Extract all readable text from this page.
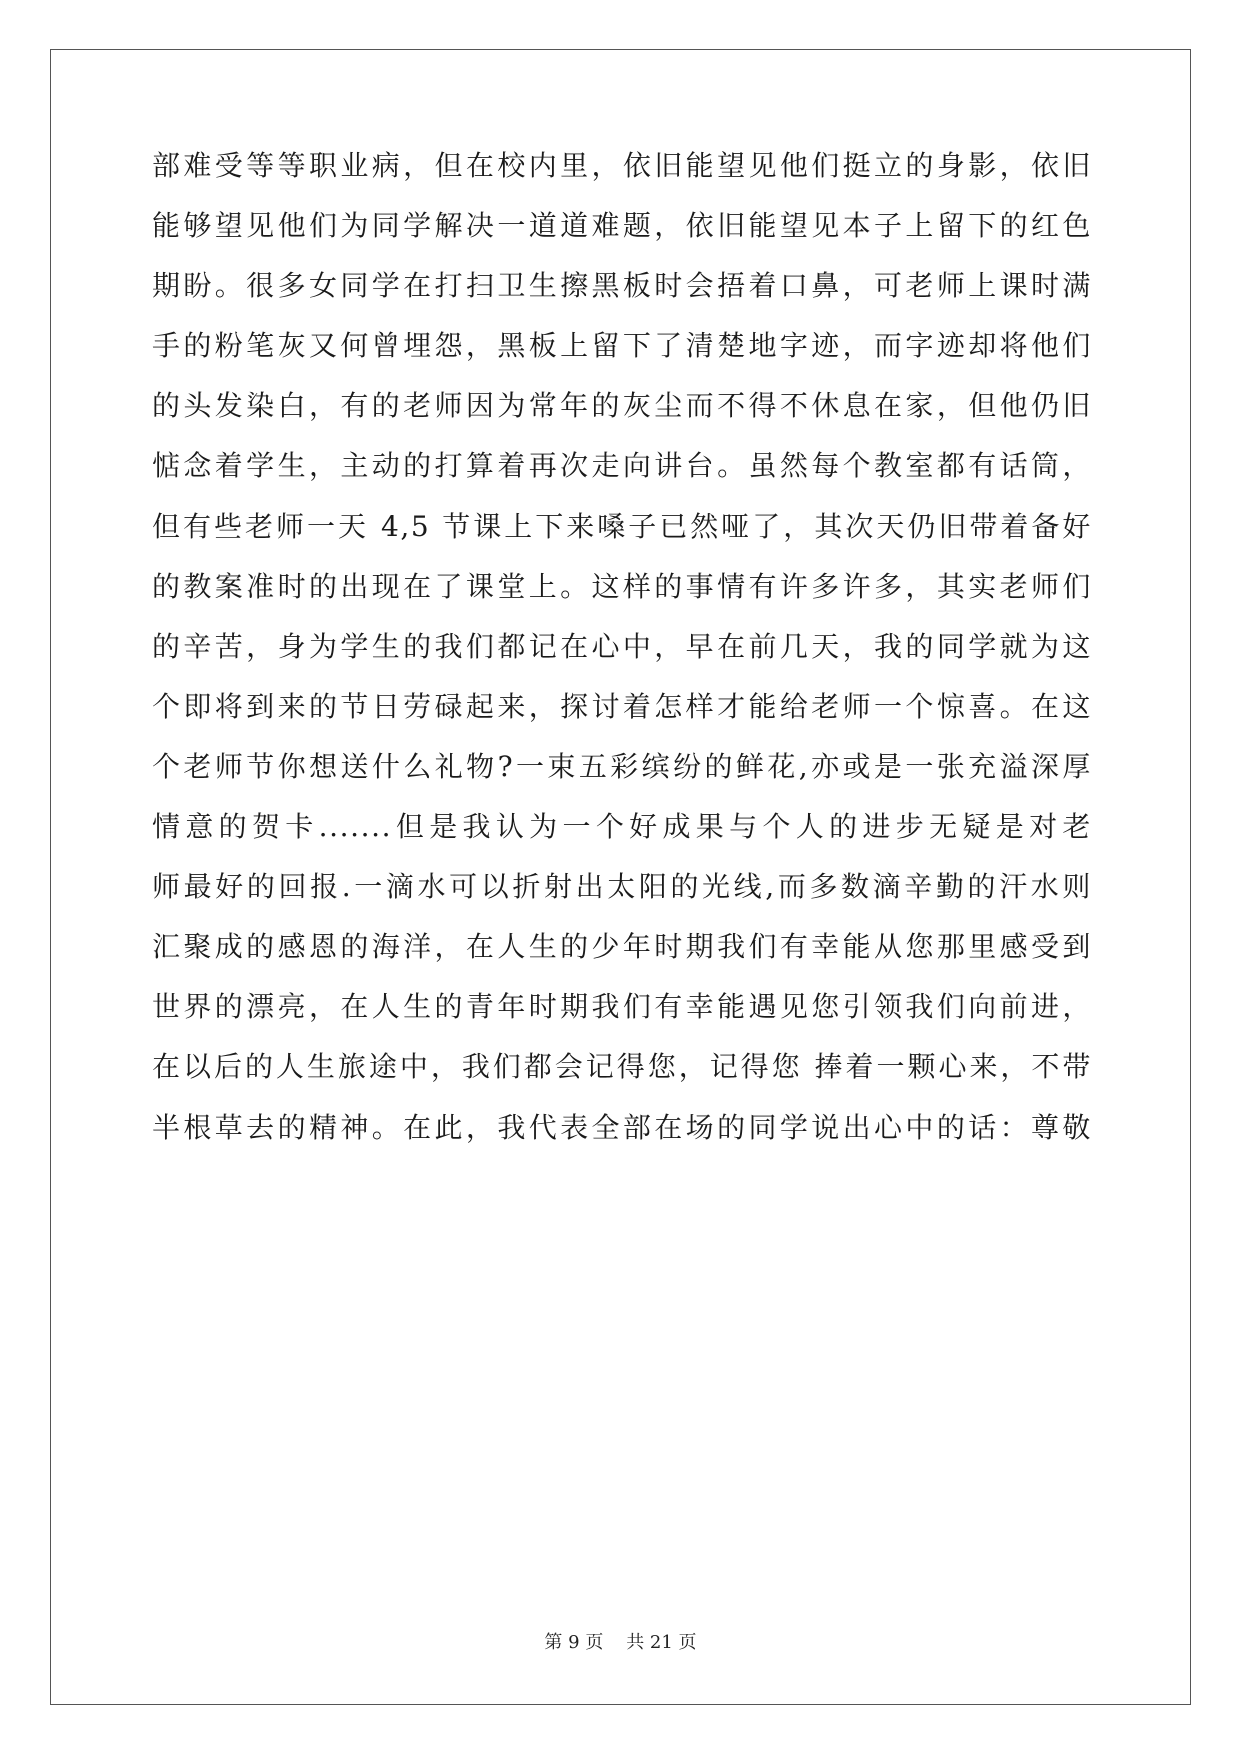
部难受等等职业病，但在校内里，依旧能望见他们挺立的身影，依旧
能够望见他们为同学解决一道道难题，依旧能望见本子上留下的红色
期盼。很多女同学在打扫卫生擦黑板时会捂着口鼻，可老师上课时满
手的粉笔灰又何曾埋怨，黑板上留下了清楚地字迹，而字迹却将他们
的头发染白，有的老师因为常年的灰尘而不得不休息在家，但他仍旧
惦念着学生，主动的打算着再次走向讲台。虽然每个教室都有话筒，
但有些老师一天 4,5 节课上下来嗓子已然哑了，其次天仍旧带着备好
的教案准时的出现在了课堂上。这样的事情有许多许多，其实老师们
的辛苦，身为学生的我们都记在心中，早在前几天，我的同学就为这
个即将到来的节日劳碌起来，探讨着怎样才能给老师一个惊喜。在这
个老师节你想送什么礼物?一束五彩缤纷的鲜花,亦或是一张充溢深厚
情意的贺卡.......但是我认为一个好成果与个人的进步无疑是对老
师最好的回报.一滴水可以折射出太阳的光线,而多数滴辛勤的汗水则
汇聚成的感恩的海洋，在人生的少年时期我们有幸能从您那里感受到
世界的漂亮，在人生的青年时期我们有幸能遇见您引领我们向前进，
在以后的人生旅途中，我们都会记得您，记得您 捧着一颗心来，不带
半根草去的精神。在此，我代表全部在场的同学说出心中的话：尊敬
第 9 页    共 21 页
